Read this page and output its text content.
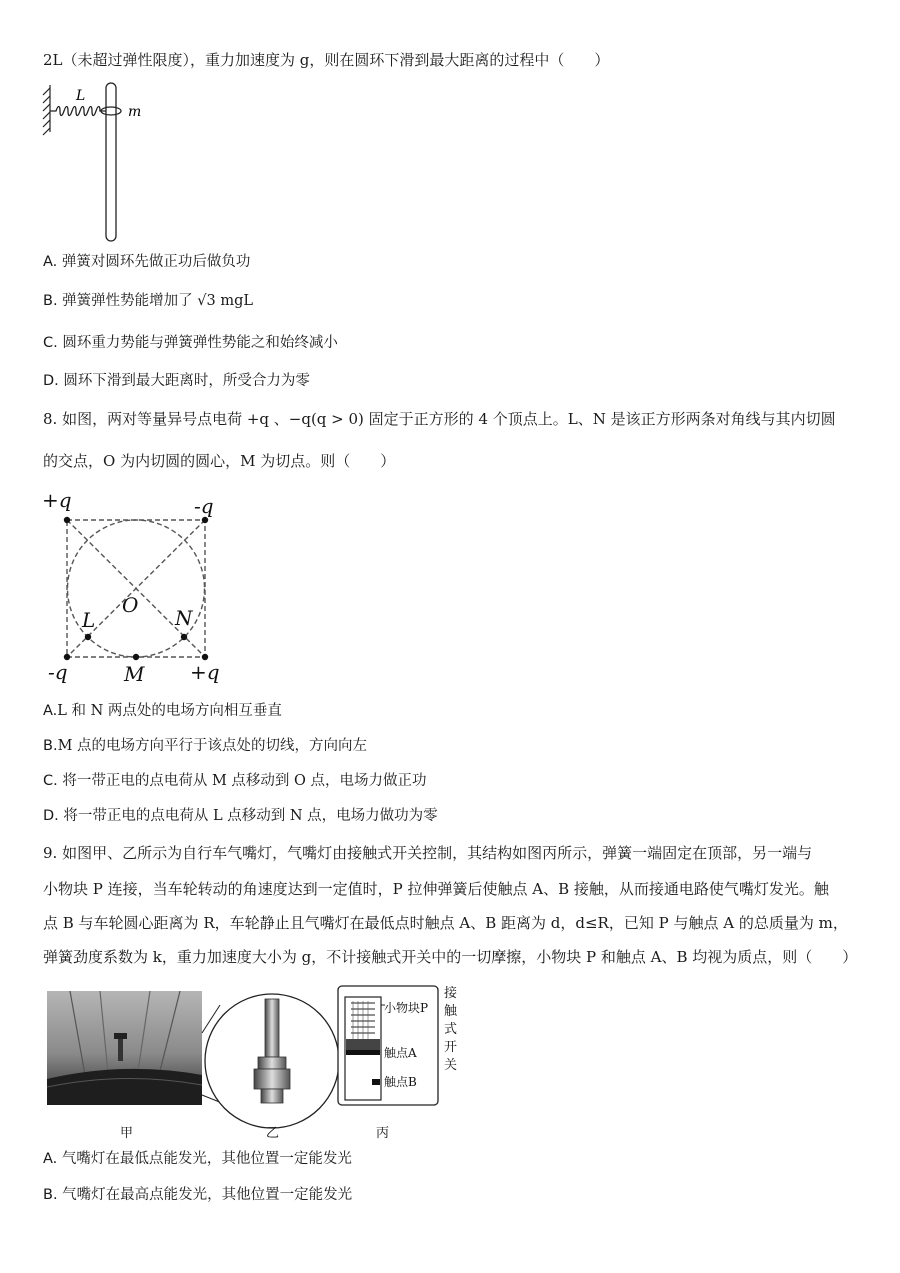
2L（未超过弹性限度），重力加速度为 g，则在圆环下滑到最大距离的过程中（　　）
L
m
A. 弹簧对圆环先做正功后做负功
B. 弹簧弹性势能增加了 √3 mgL
C. 圆环重力势能与弹簧弹性势能之和始终减小
D. 圆环下滑到最大距离时，所受合力为零
8. 如图，两对等量异号点电荷 +q 、−q(q > 0) 固定于正方形的 4 个顶点上。L、N 是该正方形两条对角线与其内切圆
的交点，O 为内切圆的圆心，M 为切点。则（　　）
+q	-q
-q	+q
O
L	N
M
A.L 和 N 两点处的电场方向相互垂直
B.M 点的电场方向平行于该点处的切线，方向向左
C. 将一带正电的点电荷从 M 点移动到 O 点，电场力做正功
D. 将一带正电的点电荷从 L 点移动到 N 点，电场力做功为零
9. 如图甲、乙所示为自行车气嘴灯，气嘴灯由接触式开关控制，其结构如图丙所示，弹簧一端固定在顶部，另一端与
小物块 P 连接，当车轮转动的角速度达到一定值时，P 拉伸弹簧后使触点 A、B 接触，从而接通电路使气嘴灯发光。触
点 B 与车轮圆心距离为 R，车轮静止且气嘴灯在最低点时触点 A、B 距离为 d，d≤R，已知 P 与触点 A 的总质量为 m，
弹簧劲度系数为 k，重力加速度大小为 g，不计接触式开关中的一切摩擦，小物块 P 和触点 A、B 均视为质点，则（　　）
小物块P
触点A
触点B
接
触
式
开
关
甲	乙	丙
A. 气嘴灯在最低点能发光，其他位置一定能发光
B. 气嘴灯在最高点能发光，其他位置一定能发光
